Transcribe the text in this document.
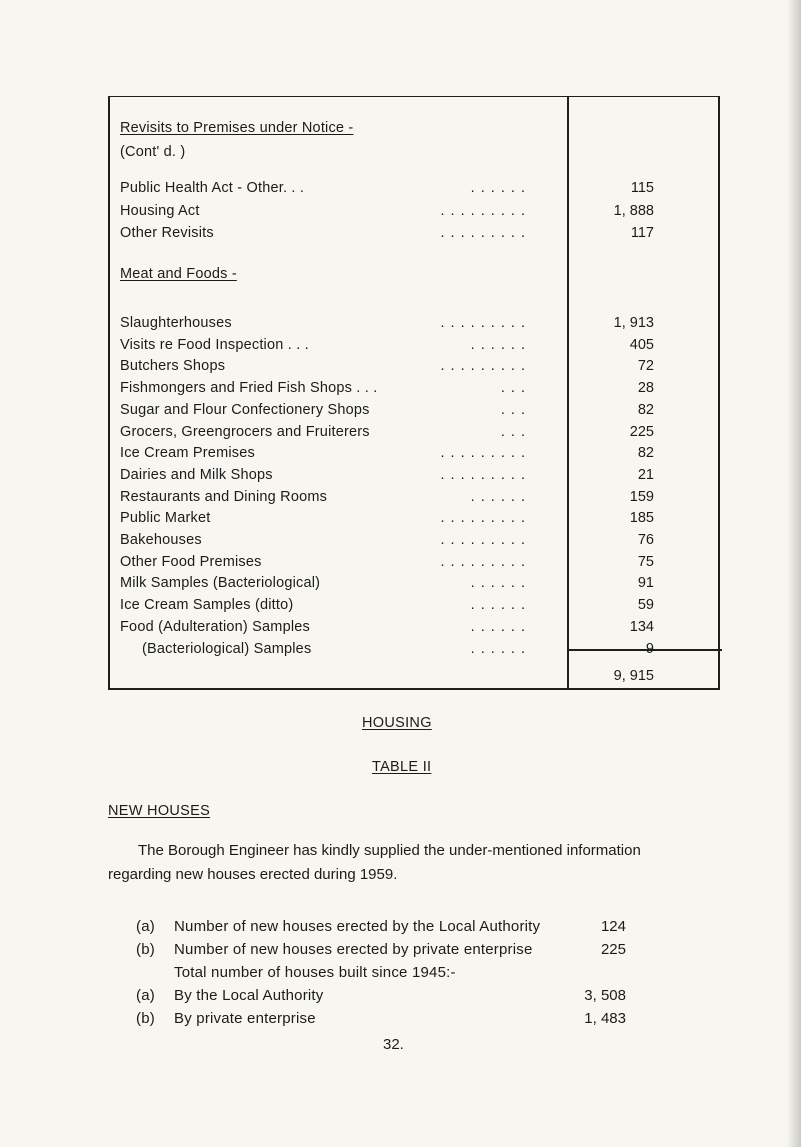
Revisits to Premises under Notice -
(Cont' d. )
Public Health Act - Other. . .	. . . . . .	115
Housing Act	. . . . . . . . .	1, 888
Other Revisits	. . . . . . . . .	117
Meat and Foods -
Slaughterhouses	. . . . . . . . .	1, 913
Visits re Food Inspection . . .	. . . . . .	405
Butchers Shops	. . . . . . . . .	72
Fishmongers and Fried Fish Shops . . .	. . .	28
Sugar and Flour Confectionery Shops	. . .	82
Grocers, Greengrocers and Fruiterers	. . .	225
Ice Cream Premises	. . . . . . . . .	82
Dairies and Milk Shops	. . . . . . . . .	21
Restaurants and Dining Rooms	. . . . . .	159
Public Market	. . . . . . . . .	185
Bakehouses	. . . . . . . . .	76
Other Food Premises	. . . . . . . . .	75
Milk Samples (Bacteriological)	. . . . . .	91
Ice Cream Samples (ditto)	. . . . . .	59
Food (Adulteration) Samples	. . . . . .	134
(Bacteriological) Samples	. . . . . .	9
9, 915
HOUSING
TABLE II
NEW HOUSES
The Borough Engineer has kindly supplied the under-mentioned information regarding new houses erected during 1959.
(a) Number of new houses erected by the Local Authority	124
(b) Number of new houses erected by private enterprise	225
Total number of houses built since 1945:-
(a) By the Local Authority	3, 508
(b) By private enterprise	1, 483
32.
